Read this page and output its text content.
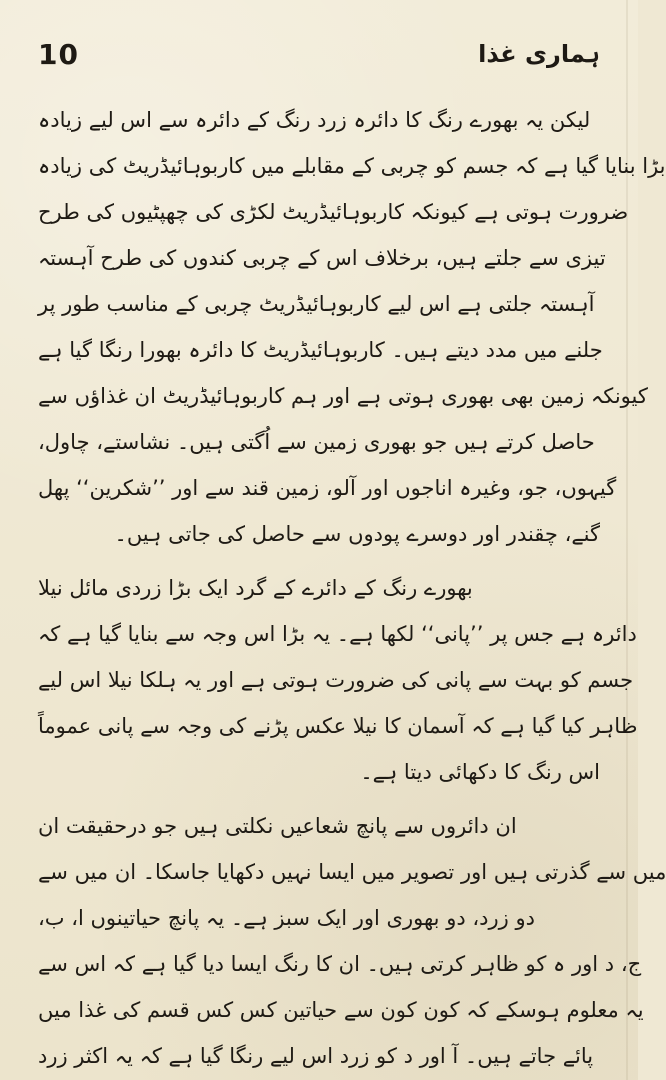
10	ہماری غذا
لیکن یہ بھورے رنگ کا دائرہ زرد رنگ کے دائرہ سے اس لیے زیادہ
بڑا بنایا گیا ہے کہ جسم کو چربی کے مقابلے میں کاربوہائیڈریٹ کی زیادہ
ضرورت ہوتی ہے کیونکہ کاربوہائیڈریٹ لکڑی کی چھپٹیوں کی طرح
تیزی سے جلتے ہیں، برخلاف اس کے چربی کندوں کی طرح آہستہ
آہستہ جلتی ہے اس لیے کاربوہائیڈریٹ چربی کے مناسب طور پر
جلنے میں مدد دیتے ہیں۔ کاربوہائیڈریٹ کا دائرہ بھورا رنگا گیا ہے
کیونکہ زمین بھی بھوری ہوتی ہے اور ہم کاربوہائیڈریٹ ان غذاؤں سے
حاصل کرتے ہیں جو بھوری زمین سے اُگتی ہیں۔ نشاستے، چاول،
گیہوں، جو، وغیرہ اناجوں اور آلو، زمین قند سے اور ’’شکرین‘‘ پھل
گنے، چقندر اور دوسرے پودوں سے حاصل کی جاتی ہیں۔
بھورے رنگ کے دائرے کے گرد ایک بڑا زردی مائل نیلا
دائرہ ہے جس پر ’’پانی‘‘ لکھا ہے۔ یہ بڑا اس وجہ سے بنایا گیا ہے کہ
جسم کو بہت سے پانی کی ضرورت ہوتی ہے اور یہ ہلکا نیلا اس لیے
ظاہر کیا گیا ہے کہ آسمان کا نیلا عکس پڑنے کی وجہ سے پانی عموماً
اس رنگ کا دکھائی دیتا ہے۔
ان دائروں سے پانچ شعاعیں نکلتی ہیں جو درحقیقت ان
میں سے گذرتی ہیں اور تصویر میں ایسا نہیں دکھایا جاسکا۔ ان میں سے
دو زرد، دو بھوری اور ایک سبز ہے۔ یہ پانچ حیاتینوں ا، ب،
ج، د اور ہ کو ظاہر کرتی ہیں۔ ان کا رنگ ایسا دیا گیا ہے کہ اس سے
یہ معلوم ہوسکے کہ کون کون سے حیاتین کس کس قسم کی غذا میں
پائے جاتے ہیں۔ آ اور د کو زرد اس لیے رنگا گیا ہے کہ یہ اکثر زرد
